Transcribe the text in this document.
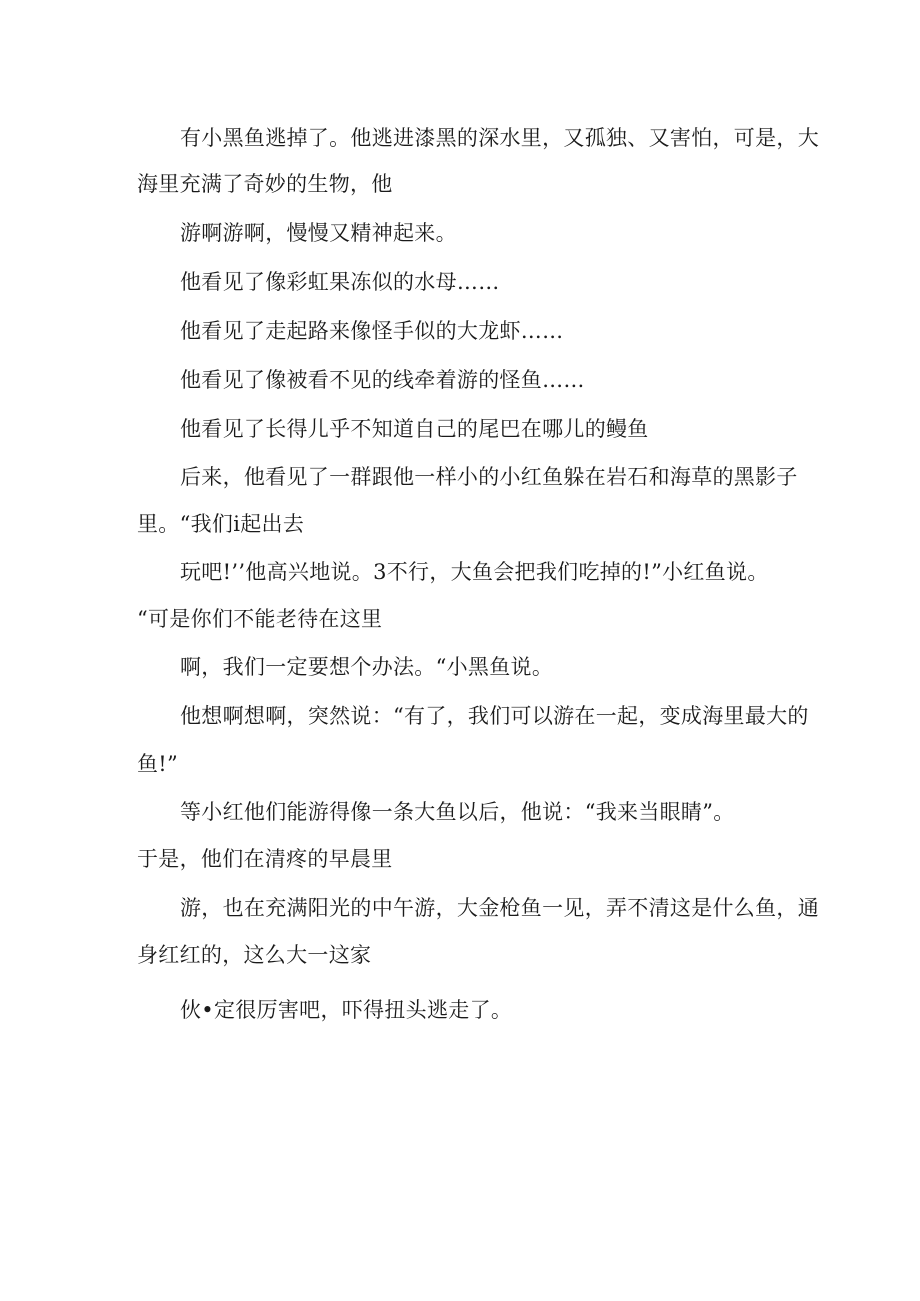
有小黑鱼逃掉了。他逃进漆黑的深水里，又孤独、又害怕，可是，大
海里充满了奇妙的生物，他
游啊游啊，慢慢又精神起来。
他看见了像彩虹果冻似的水母……
他看见了走起路来像怪手似的大龙虾……
他看见了像被看不见的线牵着游的怪鱼……
他看见了长得儿乎不知道自己的尾巴在哪儿的鳗鱼
后来，他看见了一群跟他一样小的小红鱼躲在岩石和海草的黑影子
里。“我们i起出去
玩吧!’’他高兴地说。3不行，大鱼会把我们吃掉的!”小红鱼说。
“可是你们不能老待在这里
啊，我们一定要想个办法。“小黑鱼说。
他想啊想啊，突然说：“有了，我们可以游在一起，变成海里最大的
鱼!”
等小红他们能游得像一条大鱼以后，他说：“我来当眼睛”。
于是，他们在清疼的早晨里
游，也在充满阳光的中午游，大金枪鱼一见，弄不清这是什么鱼，通
身红红的，这么大一这家
伙•定很厉害吧，吓得扭头逃走了。
